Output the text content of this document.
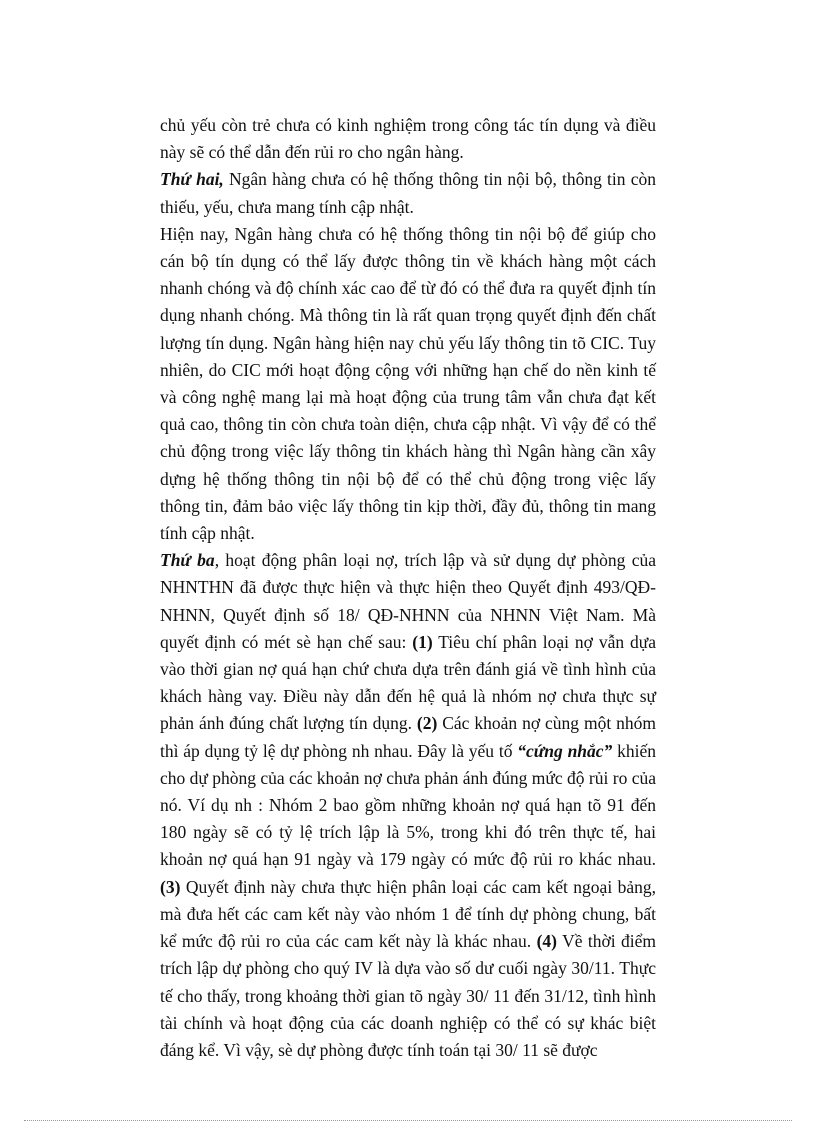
chủ yếu còn trẻ chưa có kinh nghiệm trong công tác tín dụng và điều này sẽ có thể dẫn đến rủi ro cho ngân hàng.

Thứ hai, Ngân hàng chưa có hệ thống thông tin nội bộ, thông tin còn thiếu, yếu, chưa mang tính cập nhật.

Hiện nay, Ngân hàng chưa có hệ thống thông tin nội bộ để giúp cho cán bộ tín dụng có thể lấy được thông tin về khách hàng một cách nhanh chóng và độ chính xác cao để từ đó có thể đưa ra quyết định tín dụng nhanh chóng. Mà thông tin là rất quan trọng quyết định đến chất lượng tín dụng. Ngân hàng hiện nay chủ yếu lấy thông tin tõ CIC. Tuy nhiên, do CIC mới hoạt động cộng với những hạn chế do nền kinh tế và công nghệ mang lại mà hoạt động của trung tâm vẫn chưa đạt kết quả cao, thông tin còn chưa toàn diện, chưa cập nhật. Vì vậy để có thể chủ động trong việc lấy thông tin khách hàng thì Ngân hàng cần xây dựng hệ thống thông tin nội bộ để có thể chủ động trong việc lấy thông tin, đảm bảo việc lấy thông tin kịp thời, đầy đủ, thông tin mang tính cập nhật.

Thứ ba, hoạt động phân loại nợ, trích lập và sử dụng dự phòng của NHNTHN đã được thực hiện và thực hiện theo Quyết định 493/QĐ-NHNN, Quyết định số 18/ QĐ-NHNN của NHNN Việt Nam. Mà quyết định có mét sè hạn chế sau: (1) Tiêu chí phân loại nợ vẫn dựa vào thời gian nợ quá hạn chứ chưa dựa trên đánh giá về tình hình của khách hàng vay. Điều này dẫn đến hệ quả là nhóm nợ chưa thực sự phản ánh đúng chất lượng tín dụng. (2) Các khoản nợ cùng một nhóm thì áp dụng tỷ lệ dự phòng nh nhau. Đây là yếu tố “cứng nhắc” khiến cho dự phòng của các khoản nợ chưa phản ánh đúng mức độ rủi ro của nó. Ví dụ nh : Nhóm 2 bao gồm những khoản nợ quá hạn tõ 91 đến 180 ngày sẽ có tỷ lệ trích lập là 5%, trong khi đó trên thực tế, hai khoản nợ quá hạn 91 ngày và 179 ngày có mức độ rủi ro khác nhau. (3) Quyết định này chưa thực hiện phân loại các cam kết ngoại bảng, mà đưa hết các cam kết này vào nhóm 1 để tính dự phòng chung, bất kể mức độ rủi ro của các cam kết này là khác nhau. (4) Về thời điểm trích lập dự phòng cho quý IV là dựa vào số dư cuối ngày 30/11. Thực tế cho thấy, trong khoảng thời gian tõ ngày 30/ 11 đến 31/12, tình hình tài chính và hoạt động của các doanh nghiệp có thể có sự khác biệt đáng kể. Vì vậy, sè dự phòng được tính toán tại 30/ 11 sẽ được
